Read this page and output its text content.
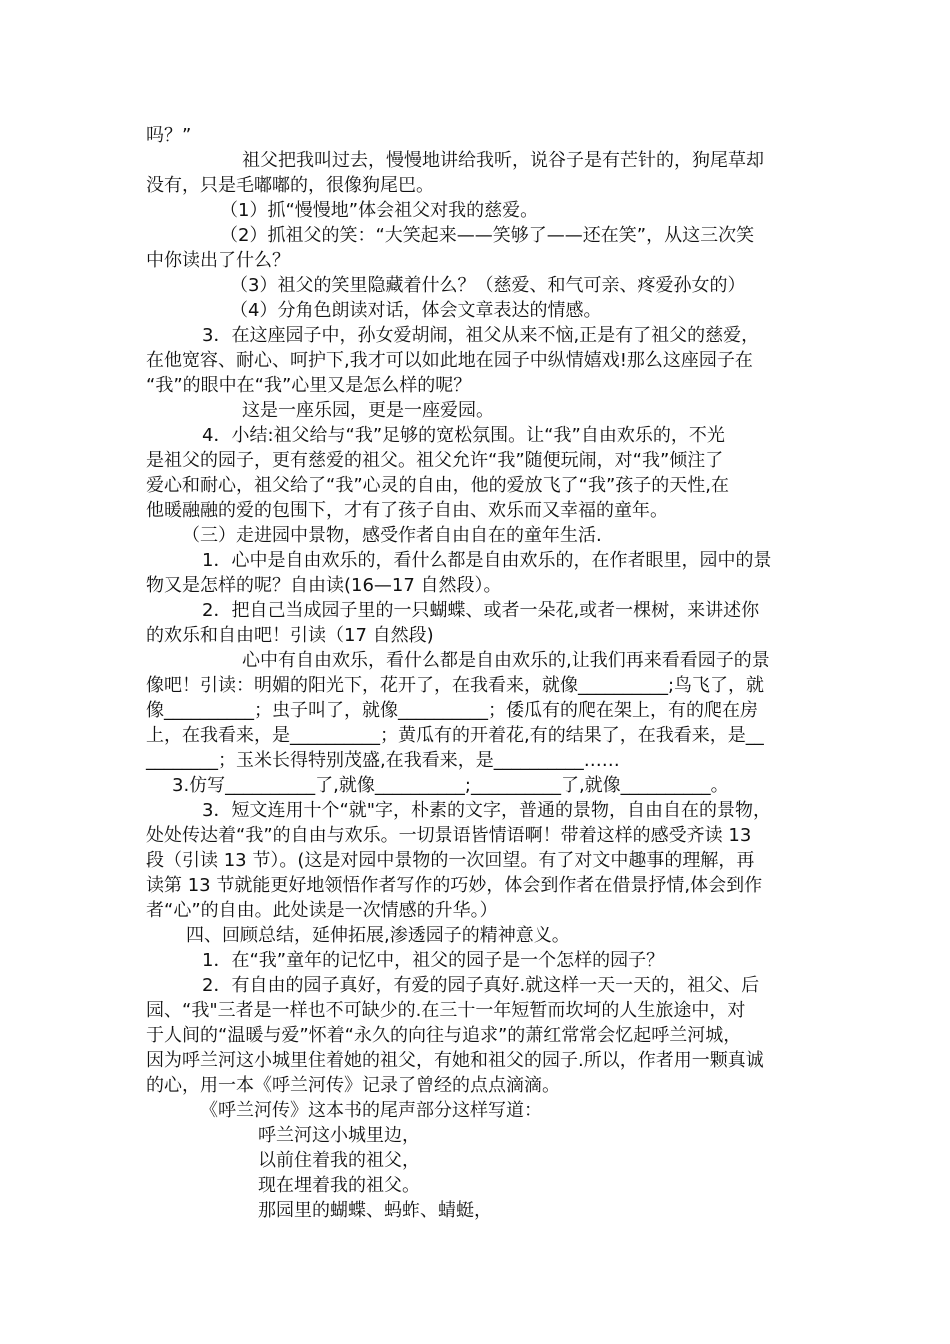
吗？”
祖父把我叫过去，慢慢地讲给我听，说谷子是有芒针的，狗尾草却
没有，只是毛嘟嘟的，很像狗尾巴。
（1）抓“慢慢地”体会祖父对我的慈爱。
（2）抓祖父的笑：“大笑起来——笑够了——还在笑”，从这三次笑
中你读出了什么？
（3）祖父的笑里隐藏着什么？（慈爱、和气可亲、疼爱孙女的）
（4）分角色朗读对话，体会文章表达的情感。
3．在这座园子中，孙女爱胡闹，祖父从来不恼,正是有了祖父的慈爱，
在他宽容、耐心、呵护下,我才可以如此地在园子中纵情嬉戏!那么这座园子在
“我”的眼中在“我”心里又是怎么样的呢？
这是一座乐园，更是一座爱园。
4．小结:祖父给与“我”足够的宽松氛围。让“我”自由欢乐的，不光
是祖父的园子，更有慈爱的祖父。祖父允许“我”随便玩闹，对“我”倾注了
爱心和耐心，祖父给了“我”心灵的自由，他的爱放飞了“我”孩子的天性,在
他暖融融的爱的包围下，才有了孩子自由、欢乐而又幸福的童年。
（三）走进园中景物，感受作者自由自在的童年生活.
1．心中是自由欢乐的，看什么都是自由欢乐的，在作者眼里，园中的景
物又是怎样的呢？自由读(16—17 自然段）。
2．把自己当成园子里的一只蝴蝶、或者一朵花,或者一棵树，来讲述你
的欢乐和自由吧！引读（17 自然段)
心中有自由欢乐，看什么都是自由欢乐的,让我们再来看看园子的景
像吧！引读：明媚的阳光下，花开了，在我看来，就像__________;鸟飞了，就
像__________；虫子叫了，就像__________；倭瓜有的爬在架上，有的爬在房
上，在我看来，是__________；黄瓜有的开着花,有的结果了，在我看来，是__
________；玉米长得特别茂盛,在我看来，是__________……
3.仿写__________了,就像__________;__________了,就像__________。
3．短文连用十个“就"字，朴素的文字，普通的景物，自由自在的景物，
处处传达着“我”的自由与欢乐。一切景语皆情语啊！带着这样的感受齐读 13
段（引读 13 节）。(这是对园中景物的一次回望。有了对文中趣事的理解，再
读第 13 节就能更好地领悟作者写作的巧妙，体会到作者在借景抒情,体会到作
者“心”的自由。此处读是一次情感的升华。）
四、回顾总结，延伸拓展,渗透园子的精神意义。
1．在“我”童年的记忆中，祖父的园子是一个怎样的园子？
2．有自由的园子真好，有爱的园子真好.就这样一天一天的，祖父、后
园、“我"三者是一样也不可缺少的.在三十一年短暂而坎坷的人生旅途中，对
于人间的“温暖与爱”怀着“永久的向往与追求”的萧红常常会忆起呼兰河城，
因为呼兰河这小城里住着她的祖父，有她和祖父的园子.所以，作者用一颗真诚
的心，用一本《呼兰河传》记录了曾经的点点滴滴。
《呼兰河传》这本书的尾声部分这样写道：
呼兰河这小城里边，
以前住着我的祖父，
现在埋着我的祖父。
那园里的蝴蝶、蚂蚱、蜻蜓，
